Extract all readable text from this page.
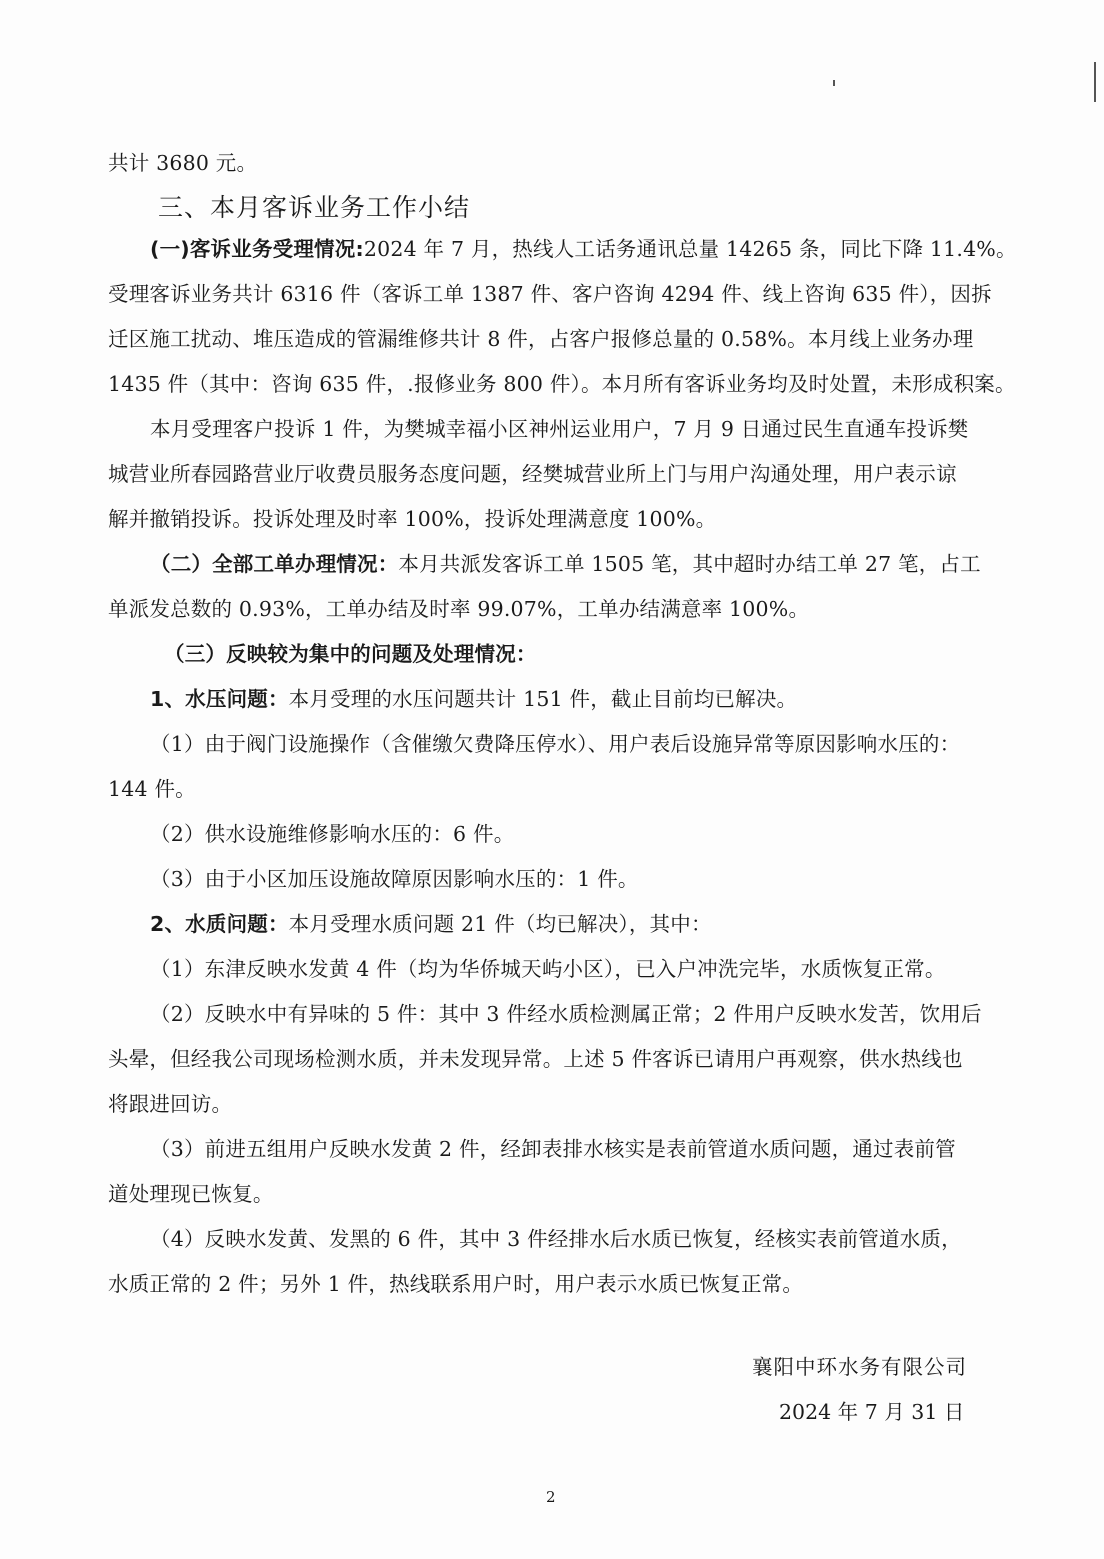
共计 3680 元。
三、本月客诉业务工作小结
(一)客诉业务受理情况:2024 年 7 月，热线人工话务通讯总量 14265 条，同比下降 11.4%。
受理客诉业务共计 6316 件（客诉工单 1387 件、客户咨询 4294 件、线上咨询 635 件），因拆
迁区施工扰动、堆压造成的管漏维修共计 8 件，占客户报修总量的 0.58%。本月线上业务办理
1435 件（其中：咨询 635 件，.报修业务 800 件）。本月所有客诉业务均及时处置，未形成积案。
本月受理客户投诉 1 件，为樊城幸福小区神州运业用户，7 月 9 日通过民生直通车投诉樊
城营业所春园路营业厅收费员服务态度问题，经樊城营业所上门与用户沟通处理，用户表示谅
解并撤销投诉。投诉处理及时率 100%，投诉处理满意度 100%。
（二）全部工单办理情况：本月共派发客诉工单 1505 笔，其中超时办结工单 27 笔，占工
单派发总数的 0.93%，工单办结及时率 99.07%，工单办结满意率 100%。
（三）反映较为集中的问题及处理情况：
1、水压问题：本月受理的水压问题共计 151 件，截止目前均已解决。
（1）由于阀门设施操作（含催缴欠费降压停水）、用户表后设施异常等原因影响水压的：
144 件。
（2）供水设施维修影响水压的：6 件。
（3）由于小区加压设施故障原因影响水压的：1 件。
2、水质问题：本月受理水质问题 21 件（均已解决），其中：
（1）东津反映水发黄 4 件（均为华侨城天屿小区），已入户冲洗完毕，水质恢复正常。
（2）反映水中有异味的 5 件：其中 3 件经水质检测属正常；2 件用户反映水发苦，饮用后
头晕，但经我公司现场检测水质，并未发现异常。上述 5 件客诉已请用户再观察，供水热线也
将跟进回访。
（3）前进五组用户反映水发黄 2 件，经卸表排水核实是表前管道水质问题，通过表前管
道处理现已恢复。
（4）反映水发黄、发黑的 6 件，其中 3 件经排水后水质已恢复，经核实表前管道水质，
水质正常的 2 件；另外 1 件，热线联系用户时，用户表示水质已恢复正常。
襄阳中环水务有限公司
2024 年 7 月 31 日
2
